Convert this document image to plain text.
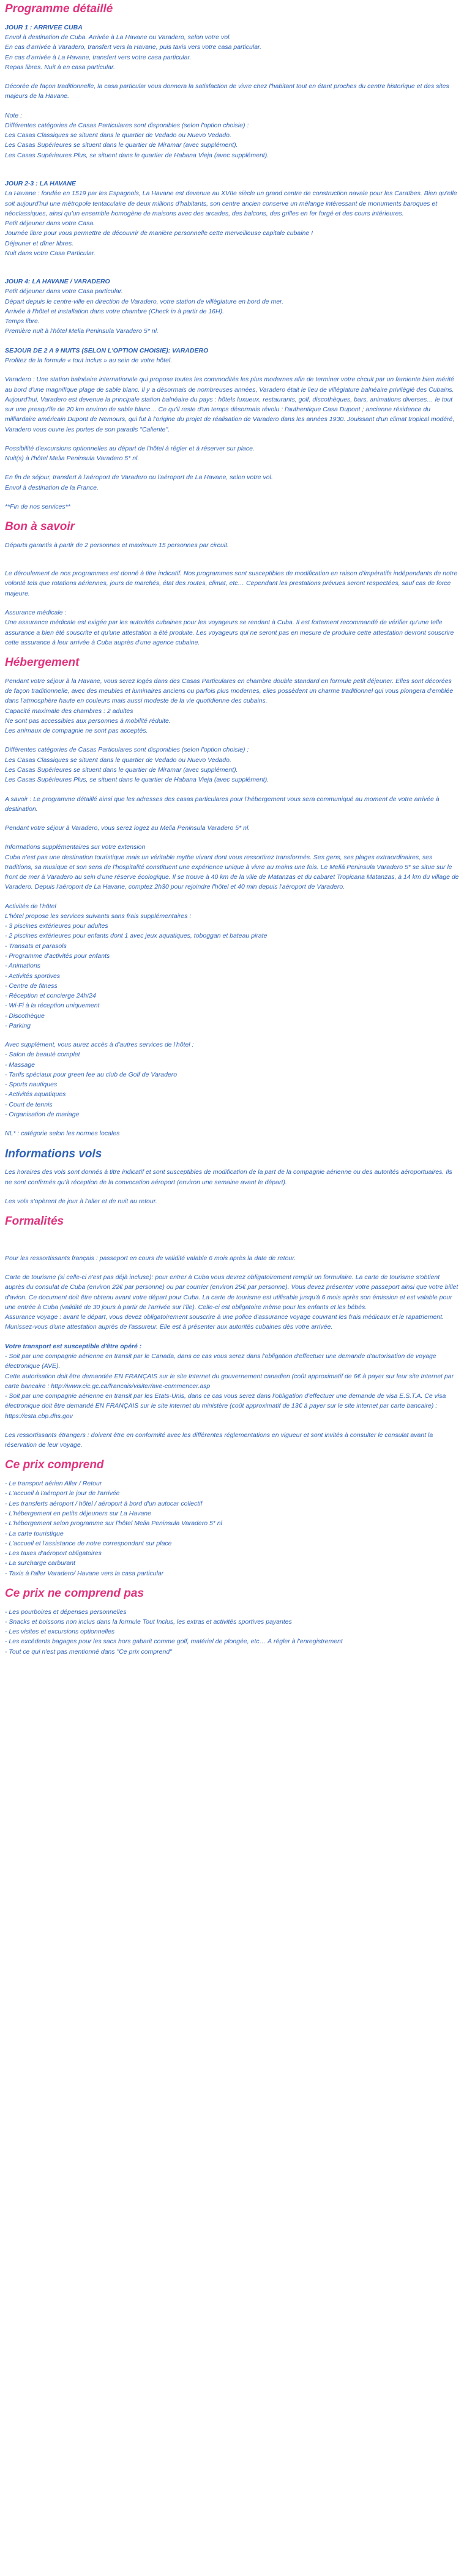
Programme détaillé
JOUR 1 : ARRIVEE CUBA
Envol à destination de Cuba. Arrivée à La Havane ou Varadero, selon votre vol.
En cas d'arrivée à Varadero, transfert vers la Havane, puis taxis vers votre casa particular.
En cas d'arrivée à La Havane, transfert vers votre casa particular.
Repas libres. Nuit à en casa particular.
Décorée de façon traditionnelle, la casa particular vous donnera la satisfaction de vivre chez l'habitant tout en étant proches du centre historique et des sites majeurs de la Havane.
Note :
Différentes catégories de Casas Particulares sont disponibles (selon l'option choisie) :
Les Casas Classiques se situent dans le quartier de Vedado ou Nuevo Vedado.
Les Casas Supérieures se situent dans le quartier de Miramar (avec supplément).
Les Casas Supérieures Plus, se situent dans le quartier de Habana Vieja (avec supplément).
JOUR 2-3 : LA HAVANE
La Havane : fondée en 1519 par les Espagnols, La Havane est devenue au XVIIe siècle un grand centre de construction navale pour les Caraïbes. Bien qu'elle soit aujourd'hui une métropole tentaculaire de deux millions d'habitants, son centre ancien conserve un mélange intéressant de monuments baroques et néoclassiques, ainsi qu'un ensemble homogène de maisons avec des arcades, des balcons, des grilles en fer forgé et des cours intérieures.
Petit déjeuner dans votre Casa.
Journée libre pour vous permettre de découvrir de manière personnelle cette merveilleuse capitale cubaine !
Déjeuner et dîner libres.
Nuit dans votre Casa Particular.
JOUR 4: LA HAVANE / VARADERO
Petit déjeuner dans votre Casa particular.
Départ depuis le centre-ville en direction de Varadero, votre station de villégiature en bord de mer.
Arrivée à l'hôtel et installation dans votre chambre (Check in à partir de 16H).
Temps libre.
Première nuit à l'hôtel Melia Peninsula Varadero 5* nl.
SEJOUR DE 2 A 9 NUITS (SELON L'OPTION CHOISIE): VARADERO
Profitez de la formule « tout inclus » au sein de votre hôtel.
Varadero : Une station balnéaire internationale qui propose toutes les commodités les plus modernes afin de terminer votre circuit par un farniente bien mérité au bord d'une magnifique plage de sable blanc. Il y a désormais de nombreuses années, Varadero était le lieu de villégiature balnéaire privilégié des Cubains. Aujourd'hui, Varadero est devenue la principale station balnéaire du pays : hôtels luxueux, restaurants, golf, discothèques, bars, animations diverses… le tout sur une presqu'île de 20 km environ de sable blanc… Ce qu'il reste d'un temps désormais révolu : l'authentique Casa Dupont ; ancienne résidence du milliardaire américain Dupont de Nemours, qui fut à l'origine du projet de réalisation de Varadero dans les années 1930. Jouissant d'un climat tropical modéré, Varadero vous ouvre les portes de son paradis "Caliente".
Possibilité d'excursions optionnelles au départ de l'hôtel à régler et à réserver sur place.
Nuit(s) à l'hôtel Melia Peninsula Varadero 5* nl.
En fin de séjour, transfert à l'aéroport de Varadero ou l'aéroport de La Havane, selon votre vol.
Envol à destination de la France.
**Fin de nos services**
Bon à savoir
Départs garantis à partir de 2 personnes et maximum 15 personnes par circuit.
Le déroulement de nos programmes est donné à titre indicatif. Nos programmes sont susceptibles de modification en raison d'impératifs indépendants de notre volonté tels que rotations aériennes, jours de marchés, état des routes, climat, etc… Cependant les prestations prévues seront respectées, sauf cas de force majeure.
Assurance médicale :
Une assurance médicale est exigée par les autorités cubaines pour les voyageurs se rendant à Cuba. Il est fortement recommandé de vérifier qu'une telle assurance a bien été souscrite et qu'une attestation a été produite. Les voyageurs qui ne seront pas en mesure de produire cette attestation devront souscrire cette assurance à leur arrivée à Cuba auprès d'une agence cubaine.
Hébergement
Pendant votre séjour à la Havane, vous serez logés dans des Casas Particulares en chambre double standard en formule petit déjeuner. Elles sont décorées de façon traditionnelle, avec des meubles et luminaires anciens ou parfois plus modernes, elles possèdent un charme traditionnel qui vous plongera d'emblée dans l'atmosphère haute en couleurs mais aussi modeste de la vie quotidienne des cubains.
Capacité maximale des chambres : 2 adultes
Ne sont pas accessibles aux personnes à mobilité réduite.
Les animaux de compagnie ne sont pas acceptés.
Différentes catégories de Casas Particulares sont disponibles (selon l'option choisie) :
Les Casas Classiques se situent dans le quartier de Vedado ou Nuevo Vedado.
Les Casas Supérieures se situent dans le quartier de Miramar (avec supplément).
Les Casas Supérieures Plus, se situent dans le quartier de Habana Vieja (avec supplément).
A savoir : Le programme détaillé ainsi que les adresses des casas particulares pour l'hébergement vous sera communiqué au moment de votre arrivée à destination.
Pendant votre séjour à Varadero, vous serez logez au Melia Peninsula Varadero 5* nl.
Informations supplémentaires sur votre extension
Cuba n'est pas une destination touristique mais un véritable mythe vivant dont vous ressortirez transformés. Ses gens, ses plages extraordinaires, ses traditions, sa musique et son sens de l'hospitalité constituent une expérience unique à vivre au moins une fois. Le Meliá Peninsula Varadero 5* se situe sur le front de mer à Varadero au sein d'une réserve écologique. Il se trouve à 40 km de la ville de Matanzas et du cabaret Tropicana Matanzas, à 14 km du village de Varadero. Depuis l'aéroport de La Havane, comptez 2h30 pour rejoindre l'hôtel et 40 min depuis l'aéroport de Varadero.
Activités de l'hôtel
L'hôtel propose les services suivants sans frais supplémentaires :
- 3 piscines extérieures pour adultes
- 2 piscines extérieures pour enfants dont 1 avec jeux aquatiques, toboggan et bateau pirate
- Transats et parasols
- Programme d'activités pour enfants
- Animations
- Activités sportives
- Centre de fitness
- Réception et concierge 24h/24
- Wi-Fi à la réception uniquement
- Discothèque
- Parking
Avec supplément, vous aurez accès à d'autres services de l'hôtel :
- Salon de beauté complet
- Massage
- Tarifs spéciaux pour green fee au club de Golf de Varadero
- Sports nautiques
- Activités aquatiques
- Court de tennis
- Organisation de mariage
NL* : catégorie selon les normes locales
Informations vols
Les horaires des vols sont donnés à titre indicatif et sont susceptibles de modification de la part de la compagnie aérienne ou des autorités aéroportuaires. Ils ne sont confirmés qu'à réception de la convocation aéroport (environ une semaine avant le départ).
Les vols s'opèrent de jour à l'aller et de nuit au retour.
Formalités
Pour les ressortissants français : passeport en cours de validité valable 6 mois après la date de retour.
Carte de tourisme (si celle-ci n'est pas déjà incluse): pour entrer à Cuba vous devrez obligatoirement remplir un formulaire. La carte de tourisme s'obtient auprès du consulat de Cuba (environ 22€ par personne) ou par courrier (environ 25€ par personne). Vous devez présenter votre passeport ainsi que votre billet d'avion. Ce document doit être obtenu avant votre départ pour Cuba. La carte de tourisme est utilisable jusqu'à 6 mois après son émission et est valable pour une entrée à Cuba (validité de 30 jours à partir de l'arrivée sur l'île). Celle-ci est obligatoire même pour les enfants et les bébés.
Assurance voyage : avant le départ, vous devez obligatoirement souscrire à une police d'assurance voyage couvrant les frais médicaux et le rapatriement. Munissez-vous d'une attestation auprès de l'assureur. Elle est à présenter aux autorités cubaines dès votre arrivée.
Votre transport est susceptible d'être opéré :
- Soit par une compagnie aérienne en transit par le Canada, dans ce cas vous serez dans l'obligation d'effectuer une demande d'autorisation de voyage électronique (AVE).
Cette autorisation doit être demandée EN FRANÇAIS sur le site Internet du gouvernement canadien (coût approximatif de 6€ à payer sur leur site Internet par carte bancaire : http://www.cic.gc.ca/francais/visiter/ave-commencer.asp
- Soit par une compagnie aérienne en transit par les Etats-Unis, dans ce cas vous serez dans l'obligation d'effectuer une demande de visa E.S.T.A. Ce visa électronique doit être demandé EN FRANÇAIS sur le site internet du ministère (coût approximatif de 13€ à payer sur le site internet par carte bancaire) : https://esta.cbp.dhs.gov
Les ressortissants étrangers : doivent être en conformité avec les différentes réglementations en vigueur et sont invités à consulter le consulat avant la réservation de leur voyage.
Ce prix comprend
- Le transport aérien Aller / Retour
- L'accueil à l'aéroport le jour de l'arrivée
- Les transferts aéroport / hôtel / aéroport à bord d'un autocar collectif
- L'hébergement en petits déjeuners sur La Havane
- L'hébergement selon programme sur l'hôtel Melia Peninsula Varadero 5* nl
- La carte touristique
- L'accueil et l'assistance de notre correspondant sur place
- Les taxes d'aéroport obligatoires
- La surcharge carburant
- Taxis à l'aller Varadero/ Havane vers la casa particular
Ce prix ne comprend pas
- Les pourboires et dépenses personnelles
- Snacks et boissons non inclus dans la formule Tout Inclus, les extras et activités sportives payantes
- Les visites et excursions optionnelles
- Les excédents bagages pour les sacs hors gabarit comme golf, matériel de plongée, etc… À régler à l'enregistrement
- Tout ce qui n'est pas mentionné dans "Ce prix comprend"
